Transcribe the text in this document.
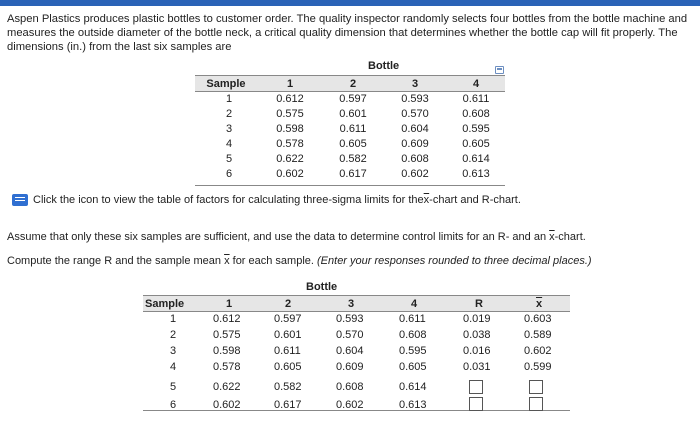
Aspen Plastics produces plastic bottles to customer order. The quality inspector randomly selects four bottles from the bottle machine and measures the outside diameter of the bottle neck, a critical quality dimension that determines whether the bottle cap will fit properly. The dimensions (in.) from the last six samples are

Bottle
Sample	1	2	3	4
1	0.612	0.597	0.593	0.611
2	0.575	0.601	0.570	0.608
3	0.598	0.611	0.604	0.595
4	0.578	0.605	0.609	0.605
5	0.622	0.582	0.608	0.614
6	0.602	0.617	0.602	0.613
Click the icon to view the table of factors for calculating three-sigma limits for the $\overline{x}$ -chart and R-chart.

Assume that only these six samples are sufficient, and use the data to determine control limits for an R- and an $\overline{x}$-chart.

Compute the range R and the sample mean $\overline{x}$ for each sample. (Enter your responses rounded to three decimal places.)

Bottle
Sample	1	2	3	4	R	$\overline{x}$
1	0.612	0.597	0.593	0.611	0.019	0.603
2	0.575	0.601	0.570	0.608	0.038	0.589
3	0.598	0.611	0.604	0.595	0.016	0.602
4	0.578	0.605	0.609	0.605	0.031	0.599
5	0.622	0.582	0.608	0.614
6	0.602	0.617	0.602	0.613
